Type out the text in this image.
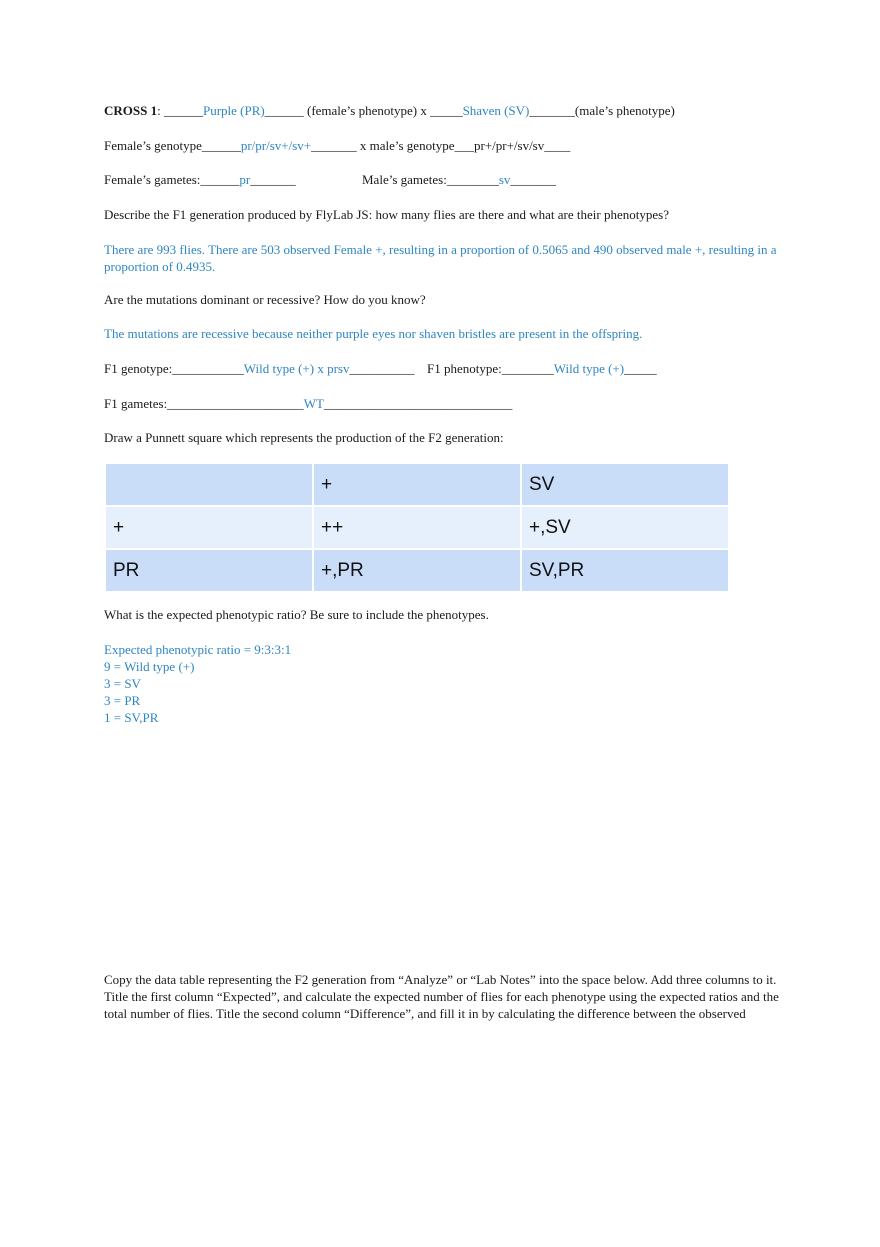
CROSS 1: ______Purple (PR)______ (female’s phenotype) x _____Shaven (SV)_______(male’s phenotype)
Female’s genotype______pr/pr/sv+/sv+_______ x male’s genotype___pr+/pr+/sv/sv____
Female’s gametes:______pr_______	Male’s gametes:________sv_______
Describe the F1 generation produced by FlyLab JS: how many flies are there and what are their phenotypes?
There are 993 flies. There are 503 observed Female +, resulting in a proportion of 0.5065 and 490 observed male +, resulting in a proportion of 0.4935.
Are the mutations dominant or recessive? How do you know?
The mutations are recessive because neither purple eyes nor shaven bristles are present in the offspring.
F1 genotype:___________Wild type (+) x prsv__________ F1 phenotype:________Wild type (+)_____
F1 gametes:_____________________WT_____________________________
Draw a Punnett square which represents the production of the F2 generation:
	+	SV
+	++	+,SV
PR	+,PR	SV,PR
What is the expected phenotypic ratio? Be sure to include the phenotypes.
Expected phenotypic ratio = 9:3:3:1
9 = Wild type (+)
3 = SV
3 = PR
1 = SV,PR
Copy the data table representing the F2 generation from “Analyze” or “Lab Notes” into the space below. Add three columns to it. Title the first column “Expected”, and calculate the expected number of flies for each phenotype using the expected ratios and the total number of flies. Title the second column “Difference”, and fill it in by calculating the difference between the observed
